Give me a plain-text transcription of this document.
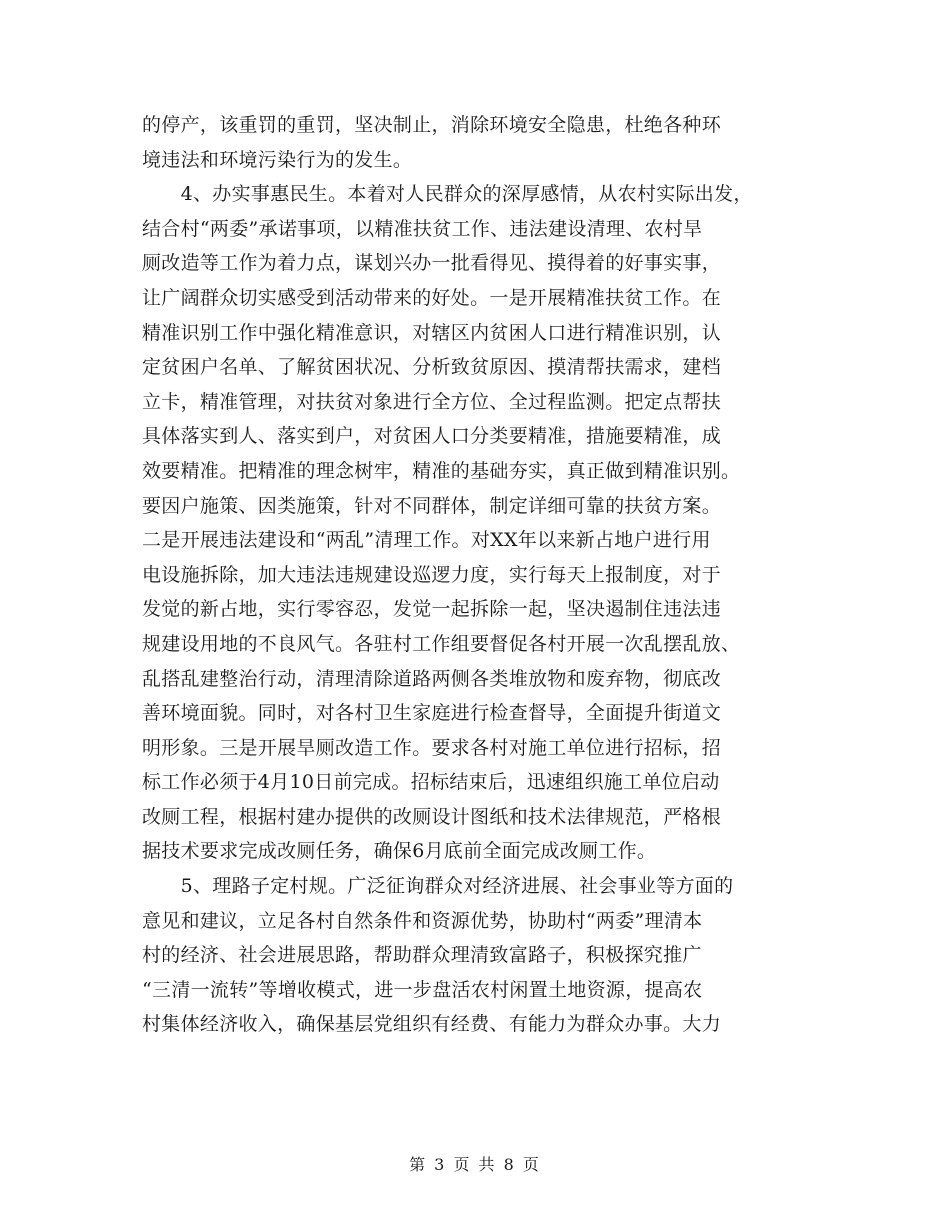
的停产，该重罚的重罚，坚决制止，消除环境安全隐患，杜绝各种环
境违法和环境污染行为的发生。
　　4、办实事惠民生。本着对人民群众的深厚感情，从农村实际出发，
结合村“两委”承诺事项，以精准扶贫工作、违法建设清理、农村旱
厕改造等工作为着力点，谋划兴办一批看得见、摸得着的好事实事，
让广阔群众切实感受到活动带来的好处。一是开展精准扶贫工作。在
精准识别工作中强化精准意识，对辖区内贫困人口进行精准识别，认
定贫困户名单、了解贫困状况、分析致贫原因、摸清帮扶需求，建档
立卡，精准管理，对扶贫对象进行全方位、全过程监测。把定点帮扶
具体落实到人、落实到户，对贫困人口分类要精准，措施要精准，成
效要精准。把精准的理念树牢，精准的基础夯实，真正做到精准识别。
要因户施策、因类施策，针对不同群体，制定详细可靠的扶贫方案。
二是开展违法建设和“两乱”清理工作。对XX年以来新占地户进行用
电设施拆除，加大违法违规建设巡逻力度，实行每天上报制度，对于
发觉的新占地，实行零容忍，发觉一起拆除一起，坚决遏制住违法违
规建设用地的不良风气。各驻村工作组要督促各村开展一次乱摆乱放、
乱搭乱建整治行动，清理清除道路两侧各类堆放物和废弃物，彻底改
善环境面貌。同时，对各村卫生家庭进行检查督导，全面提升街道文
明形象。三是开展旱厕改造工作。要求各村对施工单位进行招标，招
标工作必须于4月10日前完成。招标结束后，迅速组织施工单位启动
改厕工程，根据村建办提供的改厕设计图纸和技术法律规范，严格根
据技术要求完成改厕任务，确保6月底前全面完成改厕工作。
　　5、理路子定村规。广泛征询群众对经济进展、社会事业等方面的
意见和建议，立足各村自然条件和资源优势，协助村“两委”理清本
村的经济、社会进展思路，帮助群众理清致富路子，积极探究推广
“三清一流转”等增收模式，进一步盘活农村闲置土地资源，提高农
村集体经济收入，确保基层党组织有经费、有能力为群众办事。大力
第 3 页 共 8 页
